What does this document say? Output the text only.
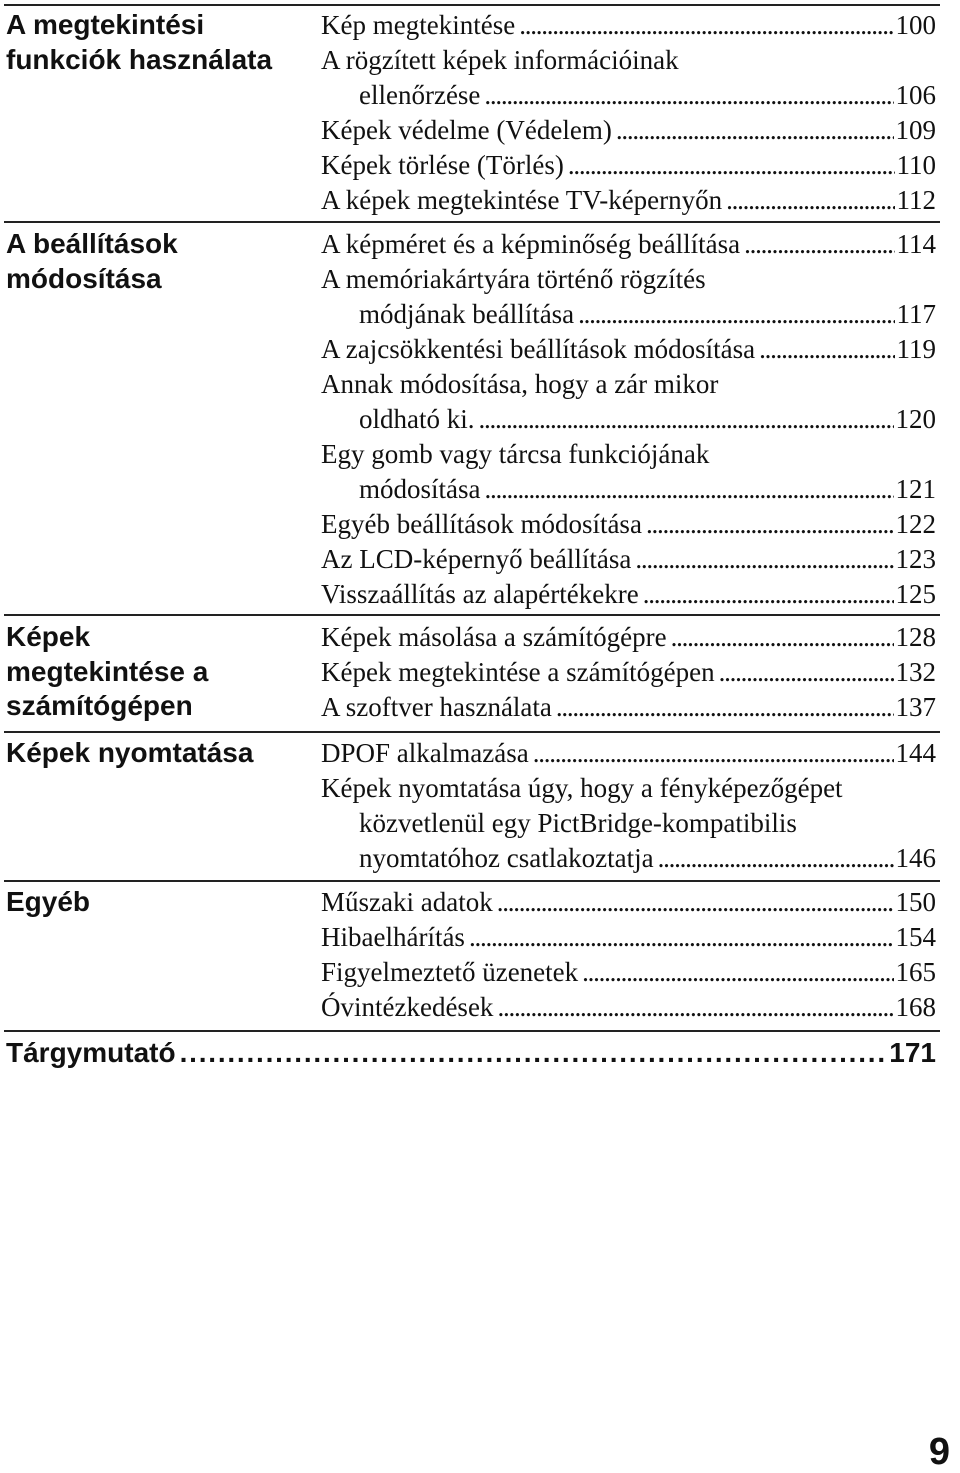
A megtekintési
funkciók használata
Kép megtekintése . . .	100
A rögzített képek információinak
ellenőrzése . . .	106
Képek védelme (Védelem) . . .	109
Képek törlése (Törlés) . . .	110
A képek megtekintése TV-képernyőn . . .	112
A beállítások
módosítása
A képméret és a képminőség beállítása . . .	114
A memóriakártyára történő rögzítés
módjának beállítása . . .	117
A zajcsökkentési beállítások módosítása . . .	119
Annak módosítása, hogy a zár mikor
oldható ki. . . .	120
Egy gomb vagy tárcsa funkciójának
módosítása . . .	121
Egyéb beállítások módosítása . . .	122
Az LCD-képernyő beállítása . . .	123
Visszaállítás az alapértékekre . . .	125
Képek
megtekintése a
számítógépen
Képek másolása a számítógépre . . .	128
Képek megtekintése a számítógépen . . .	132
A szoftver használata . . .	137
Képek nyomtatása	DPOF alkalmazása . . .	144
Képek nyomtatása úgy, hogy a fényképezőgépet
közvetlenül egy PictBridge-kompatibilis
nyomtatóhoz csatlakoztatja . . .	146
Egyéb	Műszaki adatok . . .	150
Hibaelhárítás . . .	154
Figyelmeztető üzenetek . . .	165
Óvintézkedések . . .	168
Tárgymutató . . .	171
9
